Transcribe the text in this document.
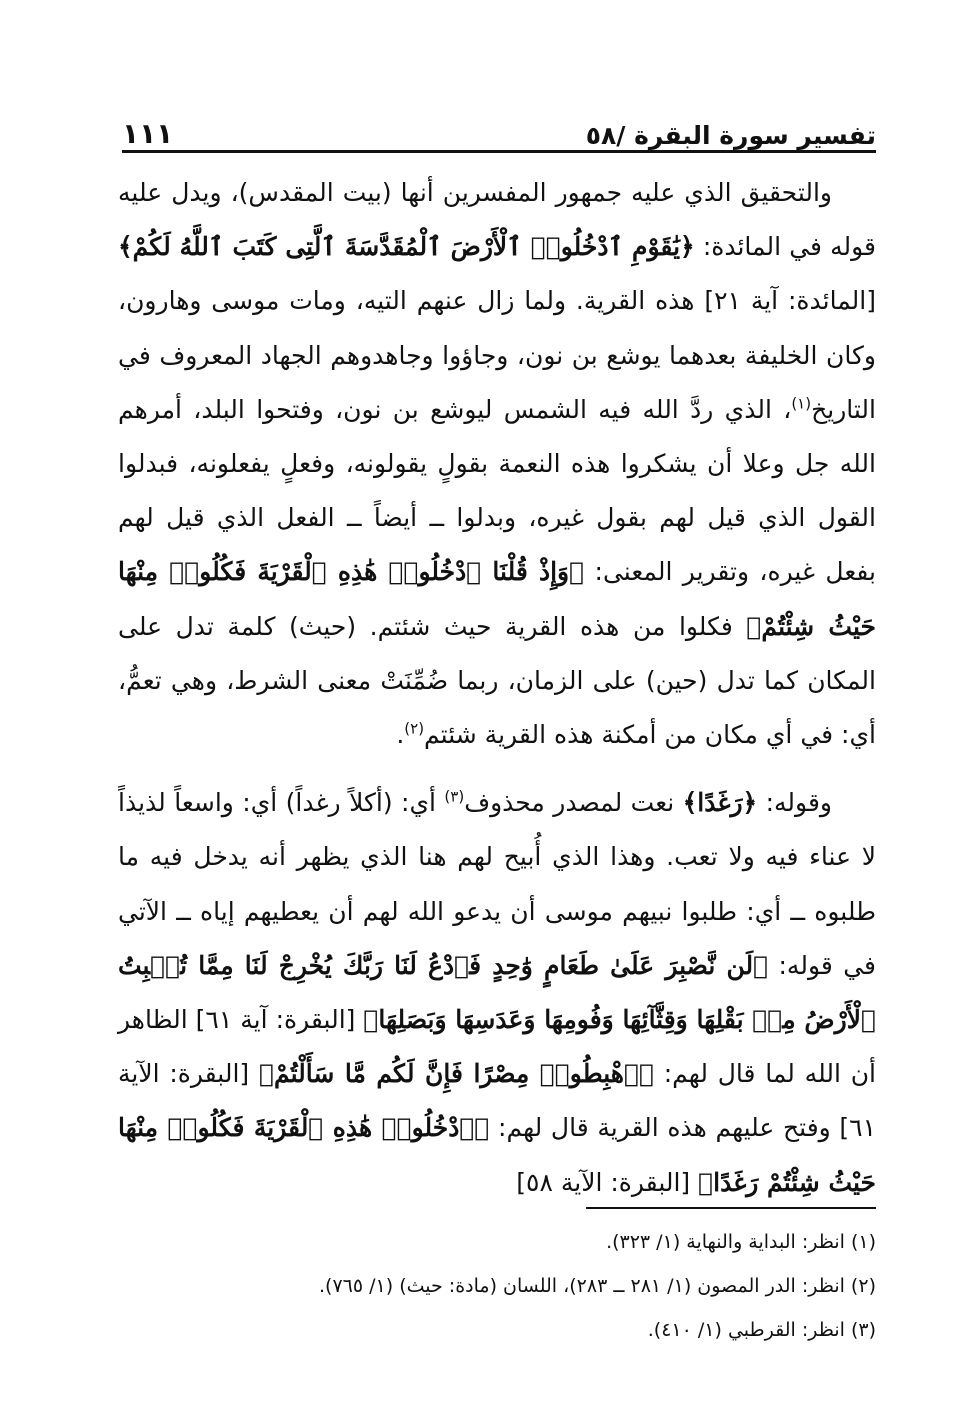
تفسير سورة البقرة /٥٨
١١١

والتحقيق الذي عليه جمهور المفسرين أنها (بيت المقدس)، ويدل عليه قوله في المائدة: ﴿يَٰقَوْمِ ٱدْخُلُوا۟ ٱلْأَرْضَ ٱلْمُقَدَّسَةَ ٱلَّتِى كَتَبَ ٱللَّهُ لَكُمْ﴾ [المائدة: آية ٢١] هذه القرية. ولما زال عنهم التيه، ومات موسى وهارون، وكان الخليفة بعدهما يوشع بن نون، وجاؤوا وجاهدوهم الجهاد المعروف في التاريخ$^{(١)}$، الذي ردَّ الله فيه الشمس ليوشع بن نون، وفتحوا البلد، أمرهم الله جل وعلا أن يشكروا هذه النعمة بقولٍ يقولونه، وفعلٍ يفعلونه، فبدلوا القول الذي قيل لهم بقول غيره، وبدلوا ــ أيضاً ــ الفعل الذي قيل لهم بفعل غيره، وتقرير المعنى: ﴿وَإِذْ قُلْنَا ٱدْخُلُوا۟ هَٰذِهِ ٱلْقَرْيَةَ فَكُلُوا۟ مِنْهَا حَيْثُ شِئْتُمْ﴾ فكلوا من هذه القرية حيث شئتم. (حيث) كلمة تدل على المكان كما تدل (حين) على الزمان، ربما ضُمِّنَتْ معنى الشرط، وهي تعمُّ، أي: في أي مكان من أمكنة هذه القرية شئتم$^{(٢)}$.

وقوله: ﴿رَغَدًا﴾ نعت لمصدر محذوف$^{(٣)}$ أي: (أكلاً رغداً) أي: واسعاً لذيذاً لا عناء فيه ولا تعب. وهذا الذي أُبيح لهم هنا الذي يظهر أنه يدخل فيه ما طلبوه ــ أي: طلبوا نبيهم موسى أن يدعو الله لهم أن يعطيهم إياه ــ الآتي في قوله: ﴿لَن نَّصْبِرَ عَلَىٰ طَعَامٍ وَٰحِدٍ فَٱدْعُ لَنَا رَبَّكَ يُخْرِجْ لَنَا مِمَّا تُنۢبِتُ ٱلْأَرْضُ مِنۢ بَقْلِهَا وَقِثَّآئِهَا وَفُومِهَا وَعَدَسِهَا وَبَصَلِهَا﴾ [البقرة: آية ٦١] الظاهر أن الله لما قال لهم: ﴿ٱهْبِطُوا۟ مِصْرًا فَإِنَّ لَكُم مَّا سَأَلْتُمْ﴾ [البقرة: الآية ٦١] وفتح عليهم هذه القرية قال لهم: ﴿ٱدْخُلُوا۟ هَٰذِهِ ٱلْقَرْيَةَ فَكُلُوا۟ مِنْهَا حَيْثُ شِئْتُمْ رَغَدًا﴾ [البقرة: الآية ٥٨]

(١) انظر: البداية والنهاية (١/ ٣٢٣).

(٢) انظر: الدر المصون (١/ ٢٨١ ــ ٢٨٣)، اللسان (مادة: حيث) (١/ ٧٦٥).

(٣) انظر: القرطبي (١/ ٤١٠).
